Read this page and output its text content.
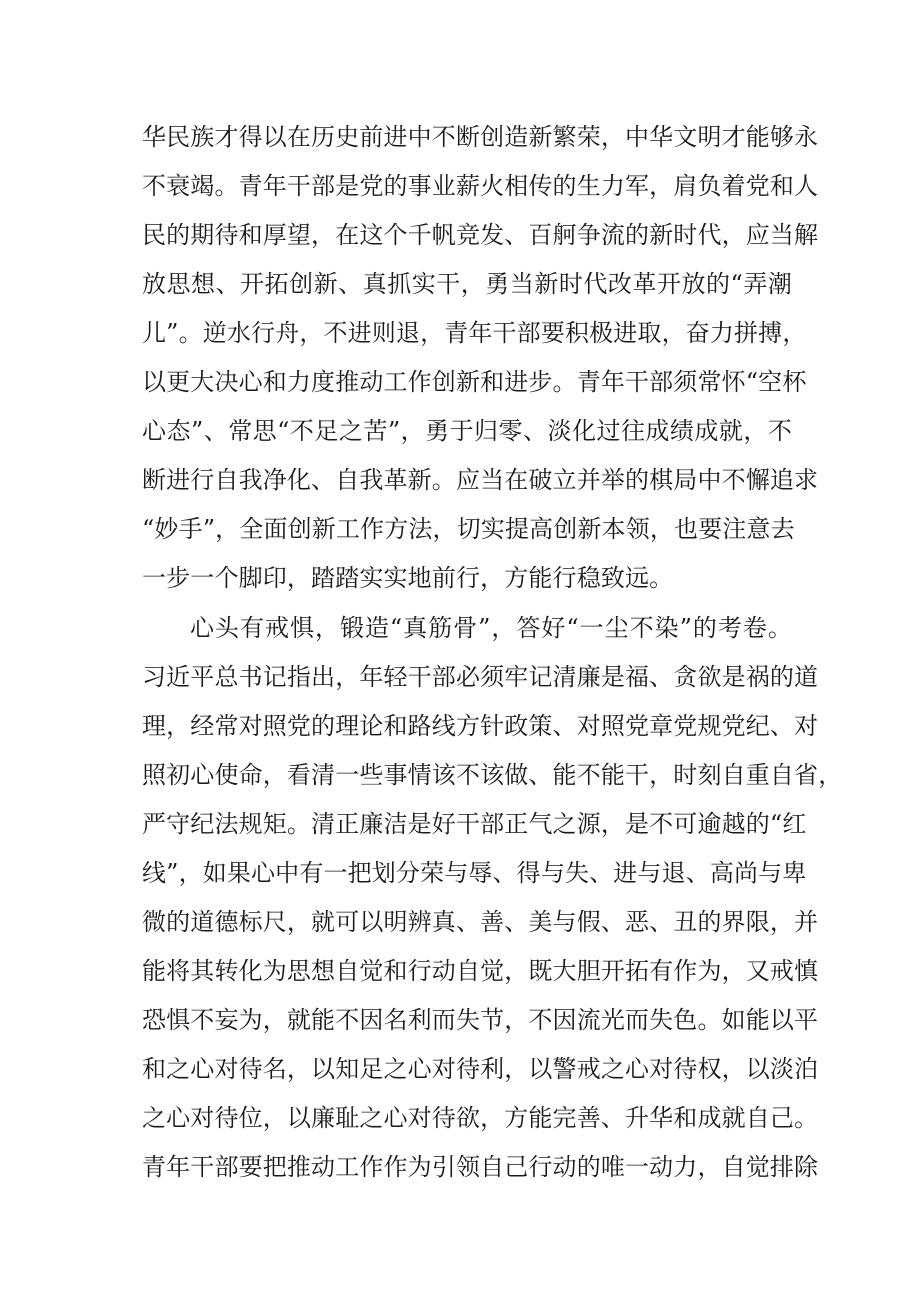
华民族才得以在历史前进中不断创造新繁荣，中华文明才能够永
不衰竭。青年干部是党的事业薪火相传的生力军，肩负着党和人
民的期待和厚望，在这个千帆竞发、百舸争流的新时代，应当解
放思想、开拓创新、真抓实干，勇当新时代改革开放的“弄潮
儿”。逆水行舟，不进则退，青年干部要积极进取，奋力拼搏，
以更大决心和力度推动工作创新和进步。青年干部须常怀“空杯
心态”、常思“不足之苦”，勇于归零、淡化过往成绩成就，不
断进行自我净化、自我革新。应当在破立并举的棋局中不懈追求
“妙手”，全面创新工作方法，切实提高创新本领，也要注意去
一步一个脚印，踏踏实实地前行，方能行稳致远。
心头有戒惧，锻造“真筋骨”，答好“一尘不染”的考卷。
习近平总书记指出，年轻干部必须牢记清廉是福、贪欲是祸的道
理，经常对照党的理论和路线方针政策、对照党章党规党纪、对
照初心使命，看清一些事情该不该做、能不能干，时刻自重自省，
严守纪法规矩。清正廉洁是好干部正气之源，是不可逾越的“红
线”，如果心中有一把划分荣与辱、得与失、进与退、高尚与卑
微的道德标尺，就可以明辨真、善、美与假、恶、丑的界限，并
能将其转化为思想自觉和行动自觉，既大胆开拓有作为，又戒慎
恐惧不妄为，就能不因名利而失节，不因流光而失色。如能以平
和之心对待名，以知足之心对待利，以警戒之心对待权，以淡泊
之心对待位，以廉耻之心对待欲，方能完善、升华和成就自己。
青年干部要把推动工作作为引领自己行动的唯一动力，自觉排除
